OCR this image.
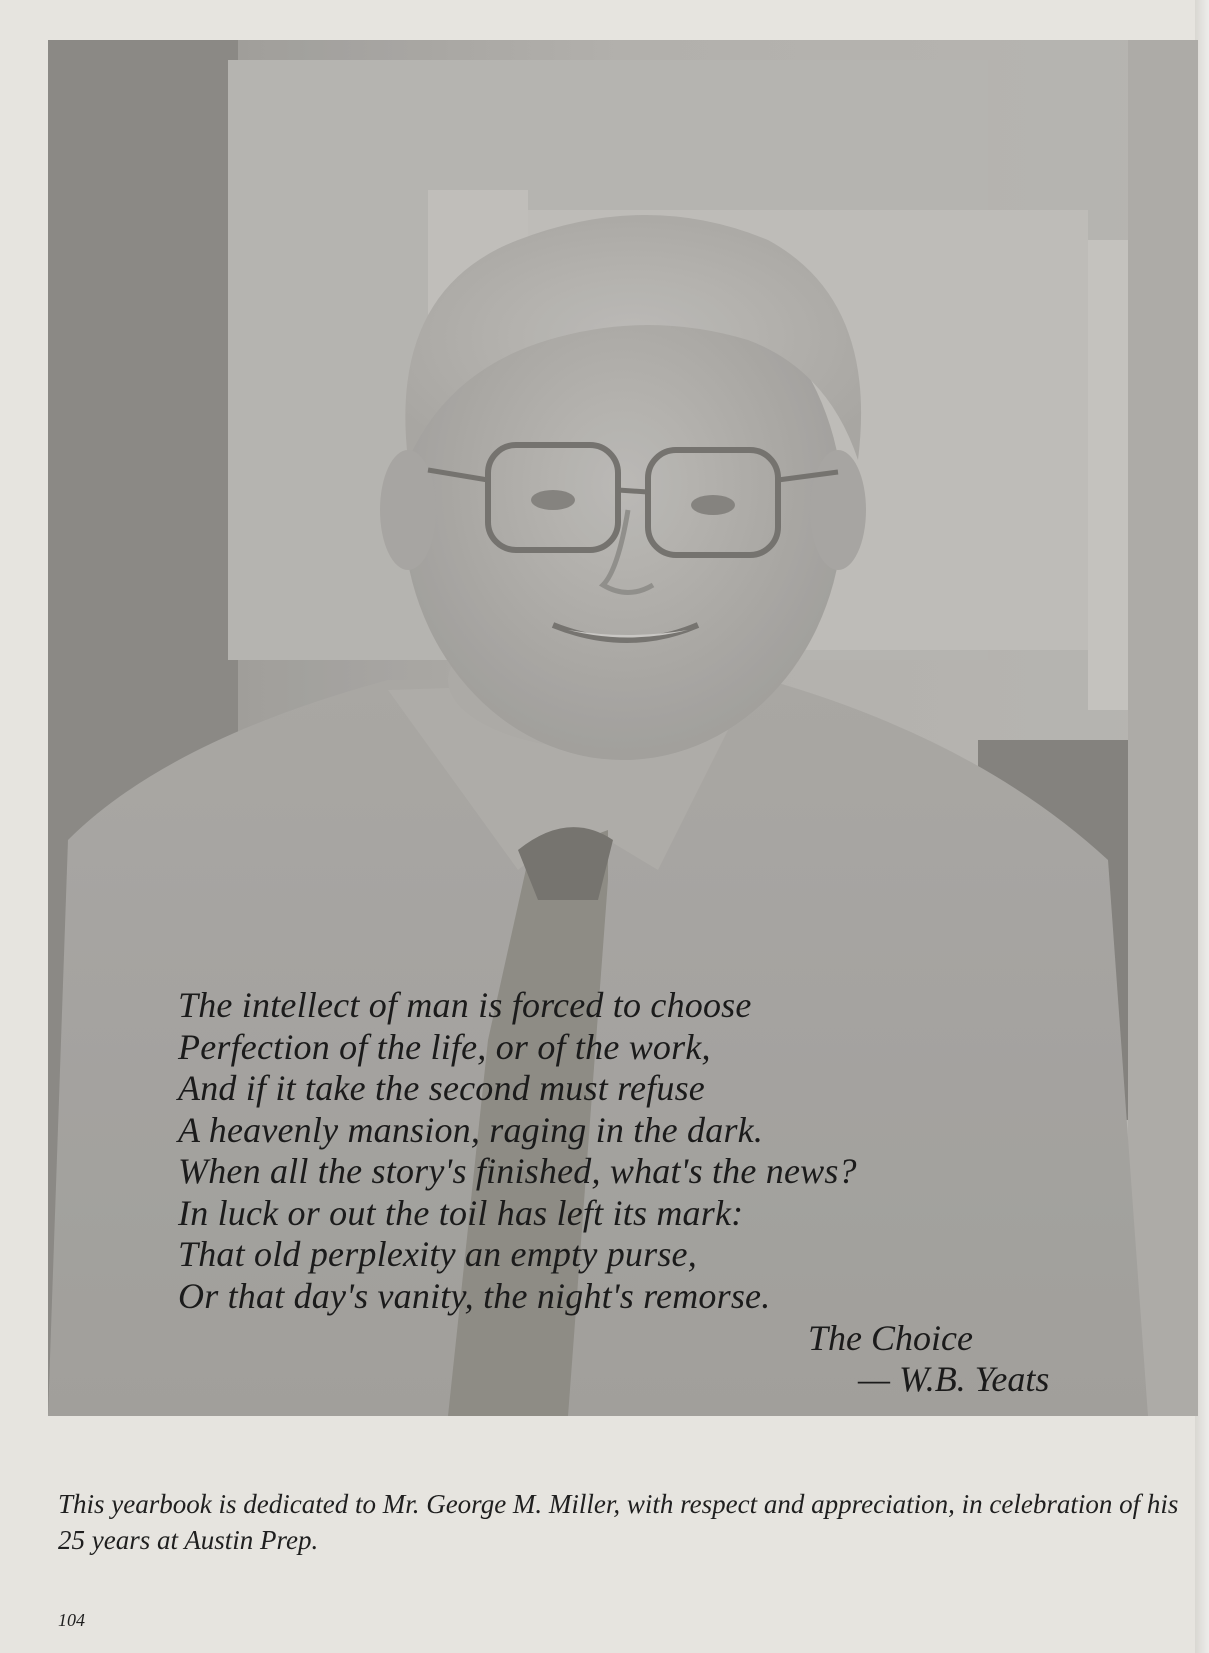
The intellect of man is forced to choose
Perfection of the life, or of the work,
And if it take the second must refuse
A heavenly mansion, raging in the dark.
When all the story's finished, what's the news?
In luck or out the toil has left its mark:
That old perplexity an empty purse,
Or that day's vanity, the night's remorse.
The Choice
— W.B. Yeats
This yearbook is dedicated to Mr. George M. Miller, with respect and appreciation, in celebration of his 25 years at Austin Prep.
104
